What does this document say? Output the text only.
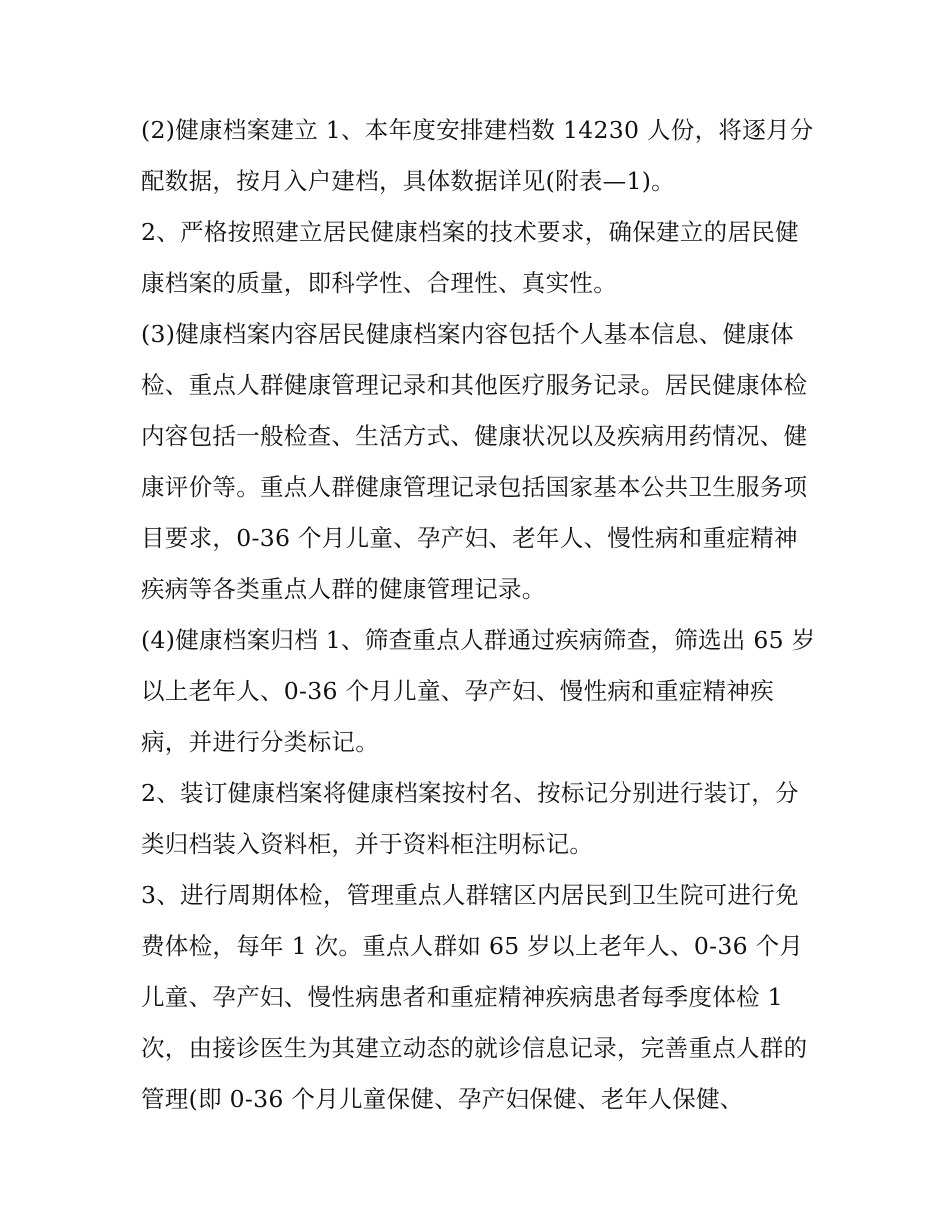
(2)健康档案建立 1、本年度安排建档数 14230 人份，将逐月分配数据，按月入户建档，具体数据详见(附表—1)。

2、严格按照建立居民健康档案的技术要求，确保建立的居民健康档案的质量，即科学性、合理性、真实性。

(3)健康档案内容居民健康档案内容包括个人基本信息、健康体检、重点人群健康管理记录和其他医疗服务记录。居民健康体检内容包括一般检查、生活方式、健康状况以及疾病用药情况、健康评价等。重点人群健康管理记录包括国家基本公共卫生服务项目要求，0-36 个月儿童、孕产妇、老年人、慢性病和重症精神疾病等各类重点人群的健康管理记录。

(4)健康档案归档 1、筛查重点人群通过疾病筛查，筛选出 65 岁以上老年人、0-36 个月儿童、孕产妇、慢性病和重症精神疾病，并进行分类标记。

2、装订健康档案将健康档案按村名、按标记分别进行装订，分类归档装入资料柜，并于资料柜注明标记。

3、进行周期体检，管理重点人群辖区内居民到卫生院可进行免费体检，每年 1 次。重点人群如 65 岁以上老年人、0-36 个月儿童、孕产妇、慢性病患者和重症精神疾病患者每季度体检 1 次，由接诊医生为其建立动态的就诊信息记录，完善重点人群的管理(即 0-36 个月儿童保健、孕产妇保健、老年人保健、
